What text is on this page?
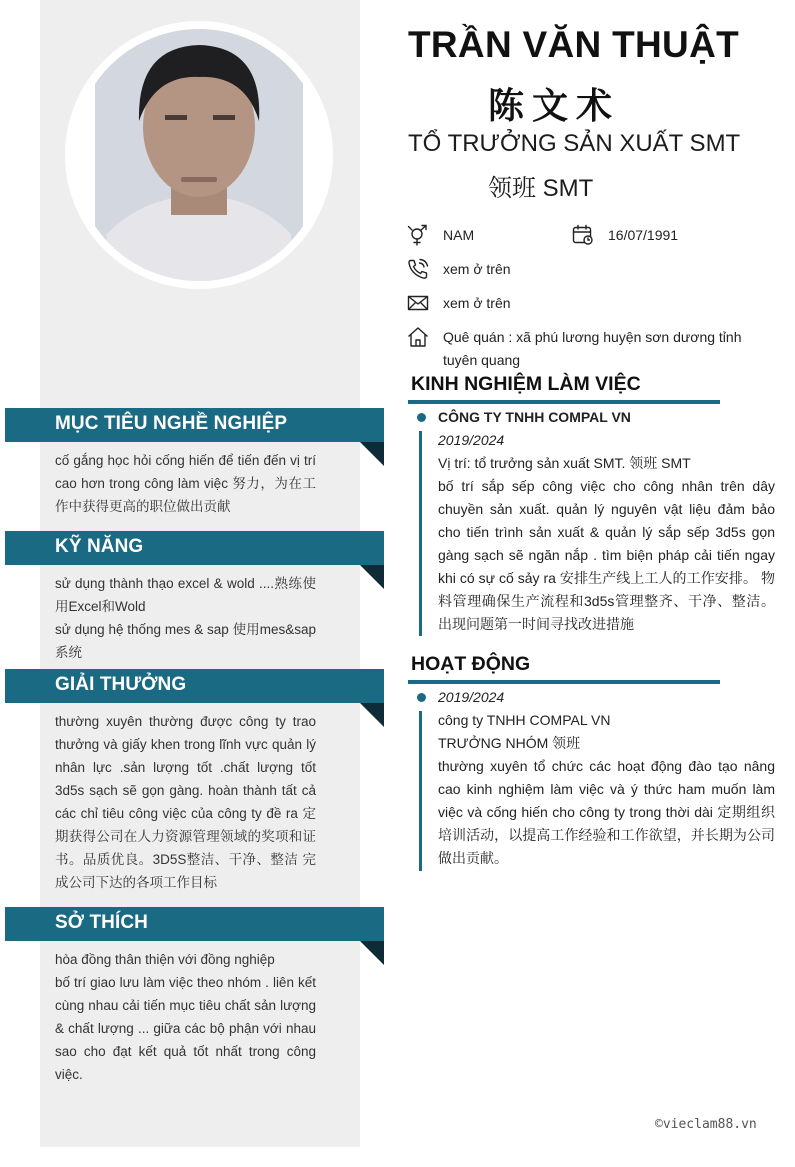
MỤC TIÊU NGHỀ NGHIỆP

cố gắng học hỏi cống hiến để tiến đến vị trí cao hơn trong công làm việc 努力，为在工作中获得更高的职位做出贡献

KỸ NĂNG

sử dụng thành thạo excel & wold ....熟练使用Excel和Wold

sử dụng hệ thống mes & sap 使用mes&sap系统

GIẢI THƯỞNG

thường xuyên thường được công ty trao thưởng và giấy khen trong lĩnh vực quản lý nhân lực .sản lượng tốt .chất lượng tốt 3d5s sạch sẽ gọn gàng. hoàn thành tất cả các chỉ tiêu công việc của công ty đề ra 定期获得公司在人力资源管理领域的奖项和证书。品质优良。3D5S整洁、干净、整洁 完成公司下达的各项工作目标

SỞ THÍCH

hòa đồng thân thiện với đồng nghiệp

bố trí giao lưu làm việc theo nhóm . liên kết cùng nhau cải tiến mục tiêu chất sản lượng & chất lượng ... giữa các bộ phận với nhau sao cho đạt kết quả tốt nhất trong công việc.

TRẦN VĂN THUẬT
陈文术
TỔ TRƯỞNG SẢN XUẤT SMT
领班 SMT
NAM	16/07/1991
xem ở trên
xem ở trên
Quê quán : xã phú lương huyện sơn dương tỉnh tuyên quang
KINH NGHIỆM LÀM VIỆC

CÔNG TY TNHH COMPAL VN

2019/2024

Vị trí: tổ trưởng sản xuất SMT. 领班 SMT

bố trí sắp sếp công việc cho công nhân trên dây chuyền sản xuất. quản lý nguyên vật liệu đảm bảo cho tiến trình sản xuất & quản lý sắp sếp 3d5s gọn gàng sạch sẽ ngăn nắp . tìm biện pháp cải tiến ngay khi có sự cố sảy ra 安排生产线上工人的工作安排。 物料管理确保生产流程和3d5s管理整齐、干净、整洁。出现问题第一时间寻找改进措施

HOẠT ĐỘNG

2019/2024

công ty TNHH COMPAL VN

TRƯỞNG NHÓM 领班

thường xuyên tổ chức các hoạt động đào tạo nâng cao kinh nghiệm làm việc và ý thức ham muốn làm việc và cống hiến cho công ty trong thời dài 定期组织培训活动，以提高工作经验和工作欲望，并长期为公司做出贡献。

©vieclam88.vn
